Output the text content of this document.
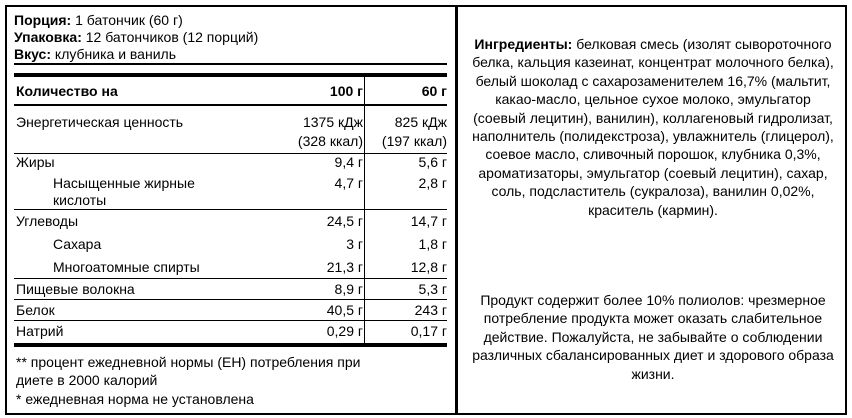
Порция: 1 батончик (60 г)
Упаковка: 12 батончиков (12 порций)
Вкус: клубника и ваниль
Количество на	100 г	60 г
Энергетическая ценность	1375 кДж 825 кДж
(328 ккал) (197 ккал)
Жиры	9,4 г	5,6 г
Насыщенные жирные
кислоты
4,7 г	2,8 г
Углеводы	24,5 г	14,7 г
Сахара	3 г	1,8 г
Многоатомные спирты	21,3 г	12,8 г
Пищевые волокна	8,9 г	5,3 г
Белок	40,5 г	243 г
Натрий	0,29 г	0,17 г
** процент ежедневной нормы (ЕН) потребления при
диете в 2000 калорий
* ежедневная норма не установлена
Ингредиенты: белковая смесь (изолят сывороточного белка, кальция казеинат, концентрат молочного белка), белый шоколад с сахарозаменителем 16,7% (мальтит, какао-масло, цельное сухое молоко, эмульгатор (соевый лецитин), ванилин), коллагеновый гидролизат, наполнитель (полидекстроза), увлажнитель (глицерол), соевое масло, сливочный порошок, клубника 0,3%, ароматизаторы, эмульгатор (соевый лецитин), сахар, соль, подсластитель (сукралоза), ванилин 0,02%, краситель (кармин).
Продукт содержит более 10% полиолов: чрезмерное потребление продукта может оказать слабительное действие. Пожалуйста, не забывайте о соблюдении различных сбалансированных диет и здорового образа жизни.
